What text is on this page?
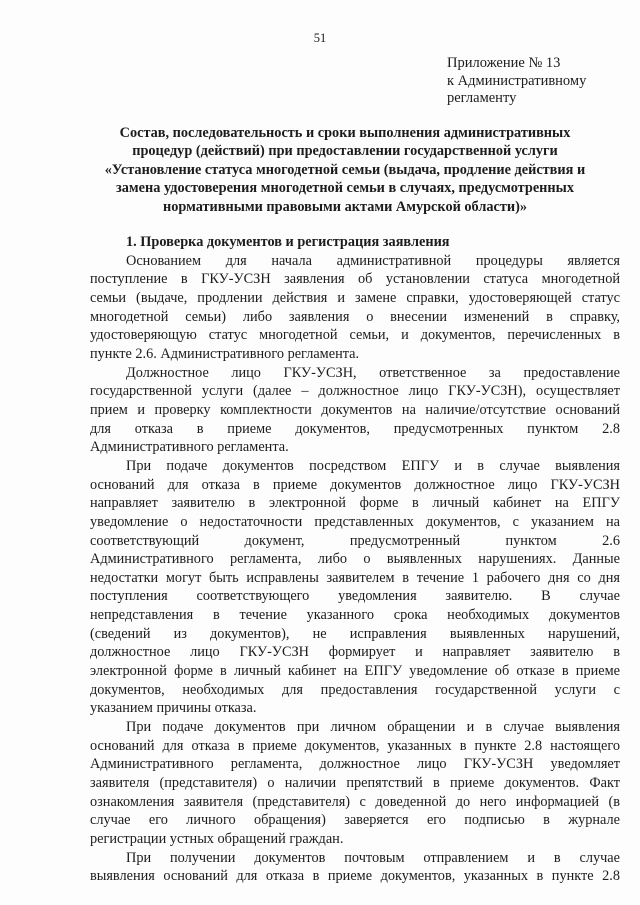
51
Приложение № 13
к Административному
регламенту
Состав, последовательность и сроки выполнения административных
процедур (действий) при предоставлении государственной услуги
«Установление статуса многодетной семьи (выдача, продление действия и
замена удостоверения многодетной семьи в случаях, предусмотренных
нормативными правовыми актами Амурской области)»

1. Проверка документов и регистрация заявления

Основанием для начала административной процедуры является
поступление в ГКУ-УСЗН заявления об установлении статуса многодетной
семьи (выдаче, продлении действия и замене справки, удостоверяющей статус
многодетной семьи) либо заявления о внесении изменений в справку,
удостоверяющую статус многодетной семьи, и документов, перечисленных в
пункте 2.6. Административного регламента.

Должностное лицо ГКУ-УСЗН, ответственное за предоставление
государственной услуги (далее – должностное лицо ГКУ-УСЗН), осуществляет
прием и проверку комплектности документов на наличие/отсутствие оснований
для отказа в приеме документов, предусмотренных пунктом 2.8
Административного регламента.

При подаче документов посредством ЕПГУ и в случае выявления
оснований для отказа в приеме документов должностное лицо ГКУ-УСЗН
направляет заявителю в электронной форме в личный кабинет на ЕПГУ
уведомление о недостаточности представленных документов, с указанием на
соответствующий документ, предусмотренный пунктом 2.6
Административного регламента, либо о выявленных нарушениях. Данные
недостатки могут быть исправлены заявителем в течение 1 рабочего дня со дня
поступления соответствующего уведомления заявителю. В случае
непредставления в течение указанного срока необходимых документов
(сведений из документов), не исправления выявленных нарушений,
должностное лицо ГКУ-УСЗН формирует и направляет заявителю в
электронной форме в личный кабинет на ЕПГУ уведомление об отказе в приеме
документов, необходимых для предоставления государственной услуги с
указанием причины отказа.

При подаче документов при личном обращении и в случае выявления
оснований для отказа в приеме документов, указанных в пункте 2.8 настоящего
Административного регламента, должностное лицо ГКУ-УСЗН уведомляет
заявителя (представителя) о наличии препятствий в приеме документов. Факт
ознакомления заявителя (представителя) с доведенной до него информацией (в
случае его личного обращения) заверяется его подписью в журнале
регистрации устных обращений граждан.

При получении документов почтовым отправлением и в случае
выявления оснований для отказа в приеме документов, указанных в пункте 2.8
